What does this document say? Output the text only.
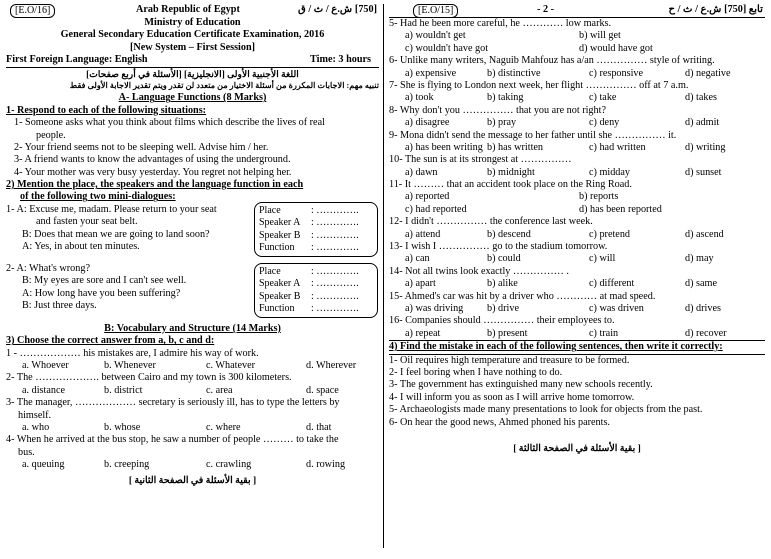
[E.O/16]	Arab Republic of Egypt	[750] ش.ع / ث / ق
Ministry of Education
General Secondary Education Certificate Examination, 2016
[New System – First Session]
First Foreign Language: English	Time: 3 hours
اللغة الأجنبية الأولى [الانجليزية] [الأسئلة في أربع صفحات]
تنبيه مهم: الاجابات المكررة من أسئلة الاختيار من متعدد لن تقدر ويتم تقدير الاجابة الأولى فقط
A- Language Functions (8 Marks)
1- Respond to each of the following situations:
1- Someone asks what you think about films which describe the lives of real
people.
2- Your friend seems not to be sleeping well. Advise him / her.
3- A friend wants to know the advantages of using the underground.
4- Your mother was very busy yesterday. You regret not helping her.
2) Mention the place, the speakers and the language function in each
of the following two mini-dialogues:
1- A: Excuse me, madam. Please return to your seat
and fasten your seat belt.
B: Does that mean we are going to land soon?
A: Yes, in about ten minutes.
Place	: ………….
Speaker A : ………….
Speaker B : ………….
Function : ………….
2- A: What's wrong?
B: My eyes are sore and I can't see well.
A: How long have you been suffering?
B: Just three days.
Place	: ………….
Speaker A : ………….
Speaker B : ………….
Function : ………….
B: Vocabulary and Structure (14 Marks)
3) Choose the correct answer from a, b, c and d:
1 - ……………… his mistakes are, I admire his way of work.
a. Whoever	b. Whenever	c. Whatever	d. Wherever
2- The ………………. between Cairo and my town is 300 kilometers.
a. distance	b. district	c. area	d. space
3- The manager, ……………… secretary is seriously ill, has to type the letters by
himself.
a. who	b. whose	c. where	d. that
4- When he arrived at the bus stop, he saw a number of people ……… to take the
bus.
a. queuing	b. creeping	c. crawling	d. rowing
[ بقية الأسئلة في الصفحة الثانية ]
[E.O/15]	- 2 -	تابع [750] ش.ع / ث / ح
5- Had he been more careful, he ………… low marks.
a) wouldn't get	b) will get
c) wouldn't have got	d) would have got
6- Unlike many writers, Naguib Mahfouz has a/an …………… style of writing.
a) expensive	b) distinctive	c) responsive	d) negative
7- She is flying to London next week, her flight …………… off at 7 a.m.
a) took	b) taking	c) take	d) takes
8- Why don't you …………… that you are not right?
a) disagree	b) pray	c) deny	d) admit
9- Mona didn't send the message to her father until she …………… it.
a) has been writing b) has written	c) had written	d) writing
10- The sun is at its strongest at ……………
a) dawn	b) midnight	c) midday	d) sunset
11- It ……… that an accident took place on the Ring Road.
a) reported	b) reports
c) had reported	d) has been reported
12- I didn't …………… the conference last week.
a) attend	b) descend	c) pretend	d) ascend
13- I wish I …………… go to the stadium tomorrow.
a) can	b) could	c) will	d) may
14- Not all twins look exactly …………… .
a) apart	b) alike	c) different	d) same
15- Ahmed's car was hit by a driver who ………… at mad speed.
a) was driving b) drive	c) was driven	d) drives
16- Companies should …………… their employees to.
a) repeat	b) present	c) train	d) recover
4) Find the mistake in each of the following sentences, then write it correctly:
1- Oil requires high temperature and treasure to be formed.
2- I feel boring when I have nothing to do.
3- The government has extinguished many new schools recently.
4- I will inform you as soon as I will arrive home tomorrow.
5- Archaeologists made many presentations to look for objects from the past.
6- On hear the good news, Ahmed phoned his parents.
[ بقية الأسئلة في الصفحة الثالثة ]
